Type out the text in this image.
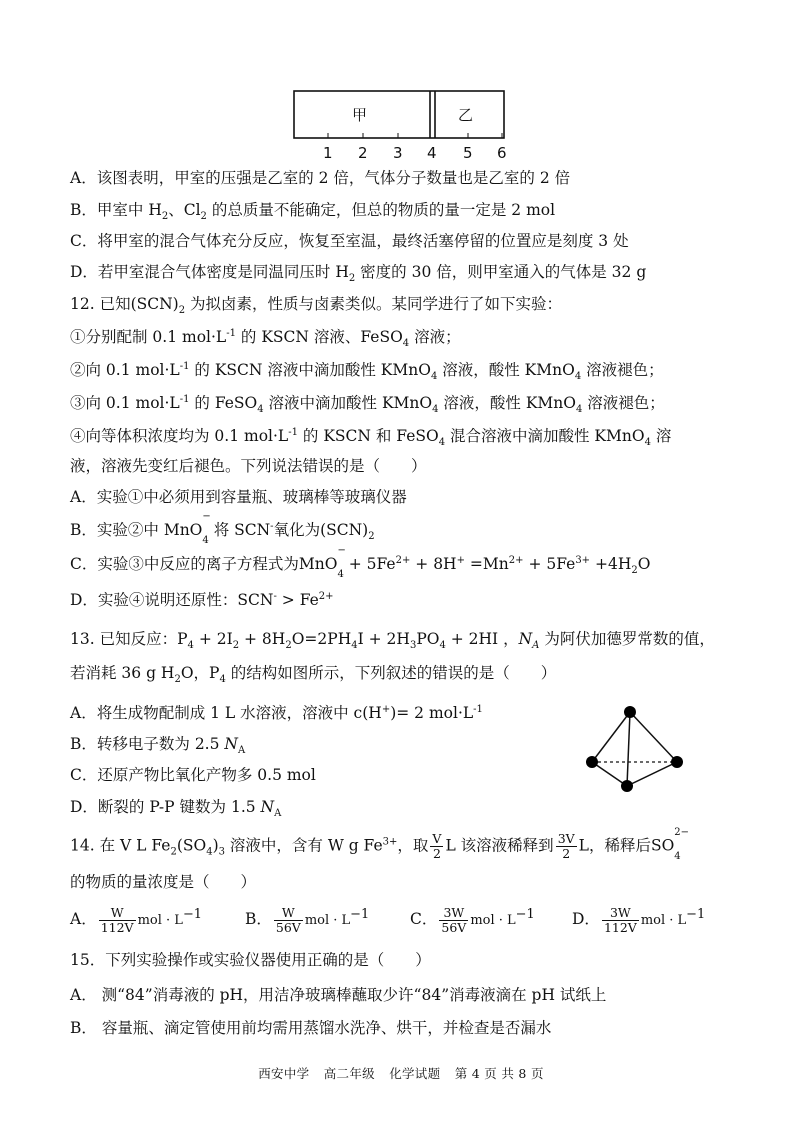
甲	乙
1 2 3 4 5 6
A．该图表明，甲室的压强是乙室的 2 倍，气体分子数量也是乙室的 2 倍
B．甲室中 $H_2$、$Cl_2$ 的总质量不能确定，但总的物质的量一定是 2 mol
C．将甲室的混合气体充分反应，恢复至室温，最终活塞停留的位置应是刻度 3 处
D．若甲室混合气体密度是同温同压时 $H_2$ 密度的 30 倍，则甲室通入的气体是 32 g
12. 已知$(SCN)_2$ 为拟卤素，性质与卤素类似。某同学进行了如下实验：
①分别配制 0.1 $mol\cdot L^{-1}$ 的 KSCN 溶液、FeSO$_4$ 溶液；
②向 0.1 $mol\cdot L^{-1}$ 的 KSCN 溶液中滴加酸性 KMnO$_4$ 溶液，酸性 KMnO$_4$ 溶液褪色；
③向 0.1 $mol\cdot L^{-1}$ 的 FeSO$_4$ 溶液中滴加酸性 KMnO$_4$ 溶液，酸性 KMnO$_4$ 溶液褪色；
④向等体积浓度均为 0.1 $mol\cdot L^{-1}$ 的 KSCN 和 FeSO$_4$ 混合溶液中滴加酸性 KMnO$_4$ 溶
液，溶液先变红后褪色。下列说法错误的是（　　）
A．实验①中必须用到容量瓶、玻璃棒等玻璃仪器
B．实验②中 MnO$_4$
−
将 SCN-氧化为$(SCN)_2$
C．实验③中反应的离子方程式为MnO$_4$
−
+ $5Fe^{2+} + 8H^+ =Mn^{2+} + 5Fe^{3+} +4H_2O$
D．实验④说明还原性：$SCN^- > Fe^{2+}$
13. 已知反应：$P_4 + 2I_2 + 8H_2O=2PH_4I + 2H_3PO_4 + 2HI$ ，$N_A$ 为阿伏加德罗常数的值，
若消耗 36 g $H_2O$，$P_4$ 的结构如图所示，下列叙述的错误的是（　　）
A．将生成物配制成 1 L 水溶液，溶液中 c(H+)= 2 $mol\cdot L^{-1}$
B．转移电子数为 2.5 $N_A$
C．还原产物比氧化产物多 0.5 mol
D．断裂的 P-P 键数为 1.5 $N_A$
14. 在 V L $Fe_2(SO_4)_3$ 溶液中，含有 W g $Fe^{3+}$，取 $\frac{V}{2}$ L 该溶液稀释到 $\frac{3V}{2}$ L，稀释后$SO_4$
2−
的物质的量浓度是（　　）
A． $\frac{W}{112V}$ mol · $L^{-1}$	B． $\frac{W}{56V}$ mol · $L^{-1}$	C． $\frac{3W}{56V}$ mol · $L^{-1}$ D． $\frac{3W}{112V}$ mol · $L^{-1}$
15．下列实验操作或实验仪器使用正确的是（　　）
A． 测“84”消毒液的 pH，用洁净玻璃棒蘸取少许“84”消毒液滴在 pH 试纸上
B． 容量瓶、滴定管使用前均需用蒸馏水洗净、烘干，并检查是否漏水
西安中学 高二年级 化学试题 第 4 页 共 8 页
